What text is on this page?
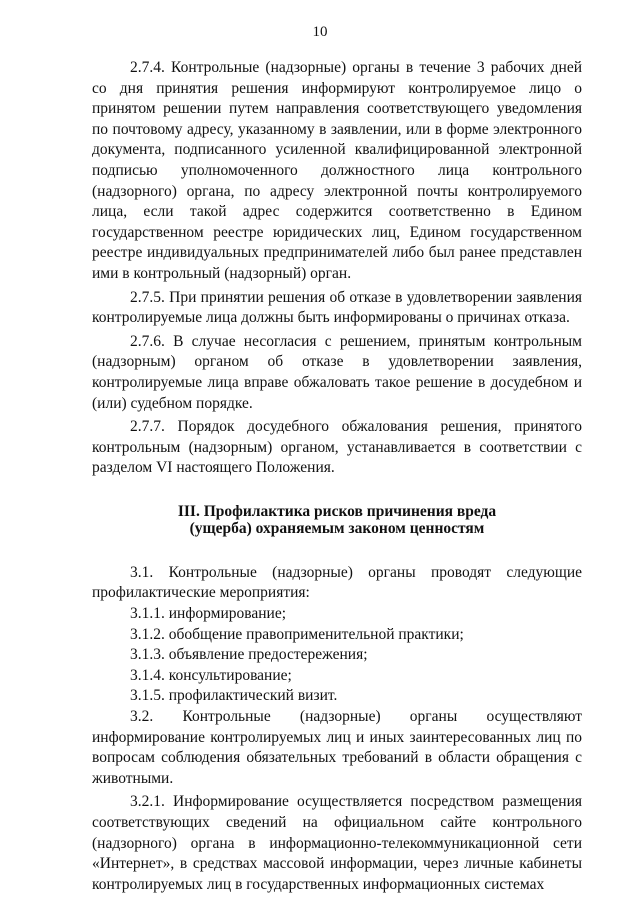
10

2.7.4. Контрольные (надзорные) органы в течение 3 рабочих дней со дня принятия решения информируют контролируемое лицо о принятом решении путем направления соответствующего уведомления по почтовому адресу, указанному в заявлении, или в форме электронного документа, подписанного усиленной квалифицированной электронной подписью уполномоченного должностного лица контрольного (надзорного) органа, по адресу электронной почты контролируемого лица, если такой адрес содержится соответственно в Едином государственном реестре юридических лиц, Едином государственном реестре индивидуальных предпринимателей либо был ранее представлен ими в контрольный (надзорный) орган.

2.7.5. При принятии решения об отказе в удовлетворении заявления контролируемые лица должны быть информированы о причинах отказа.

2.7.6. В случае несогласия с решением, принятым контрольным (надзорным) органом об отказе в удовлетворении заявления, контролируемые лица вправе обжаловать такое решение в досудебном и (или) судебном порядке.

2.7.7. Порядок досудебного обжалования решения, принятого контрольным (надзорным) органом, устанавливается в соответствии с разделом VI настоящего Положения.

III. Профилактика рисков причинения вреда
(ущерба) охраняемым законом ценностям

3.1. Контрольные (надзорные) органы проводят следующие профилактические мероприятия:

3.1.1. информирование;

3.1.2. обобщение правоприменительной практики;

3.1.3. объявление предостережения;

3.1.4. консультирование;

3.1.5. профилактический визит.

3.2. Контрольные (надзорные) органы осуществляют информирование контролируемых лиц и иных заинтересованных лиц по вопросам соблюдения обязательных требований в области обращения с животными.

3.2.1. Информирование осуществляется посредством размещения соответствующих сведений на официальном сайте контрольного (надзорного) органа в информационно-телекоммуникационной сети «Интернет», в средствах массовой информации, через личные кабинеты контролируемых лиц в государственных информационных системах
